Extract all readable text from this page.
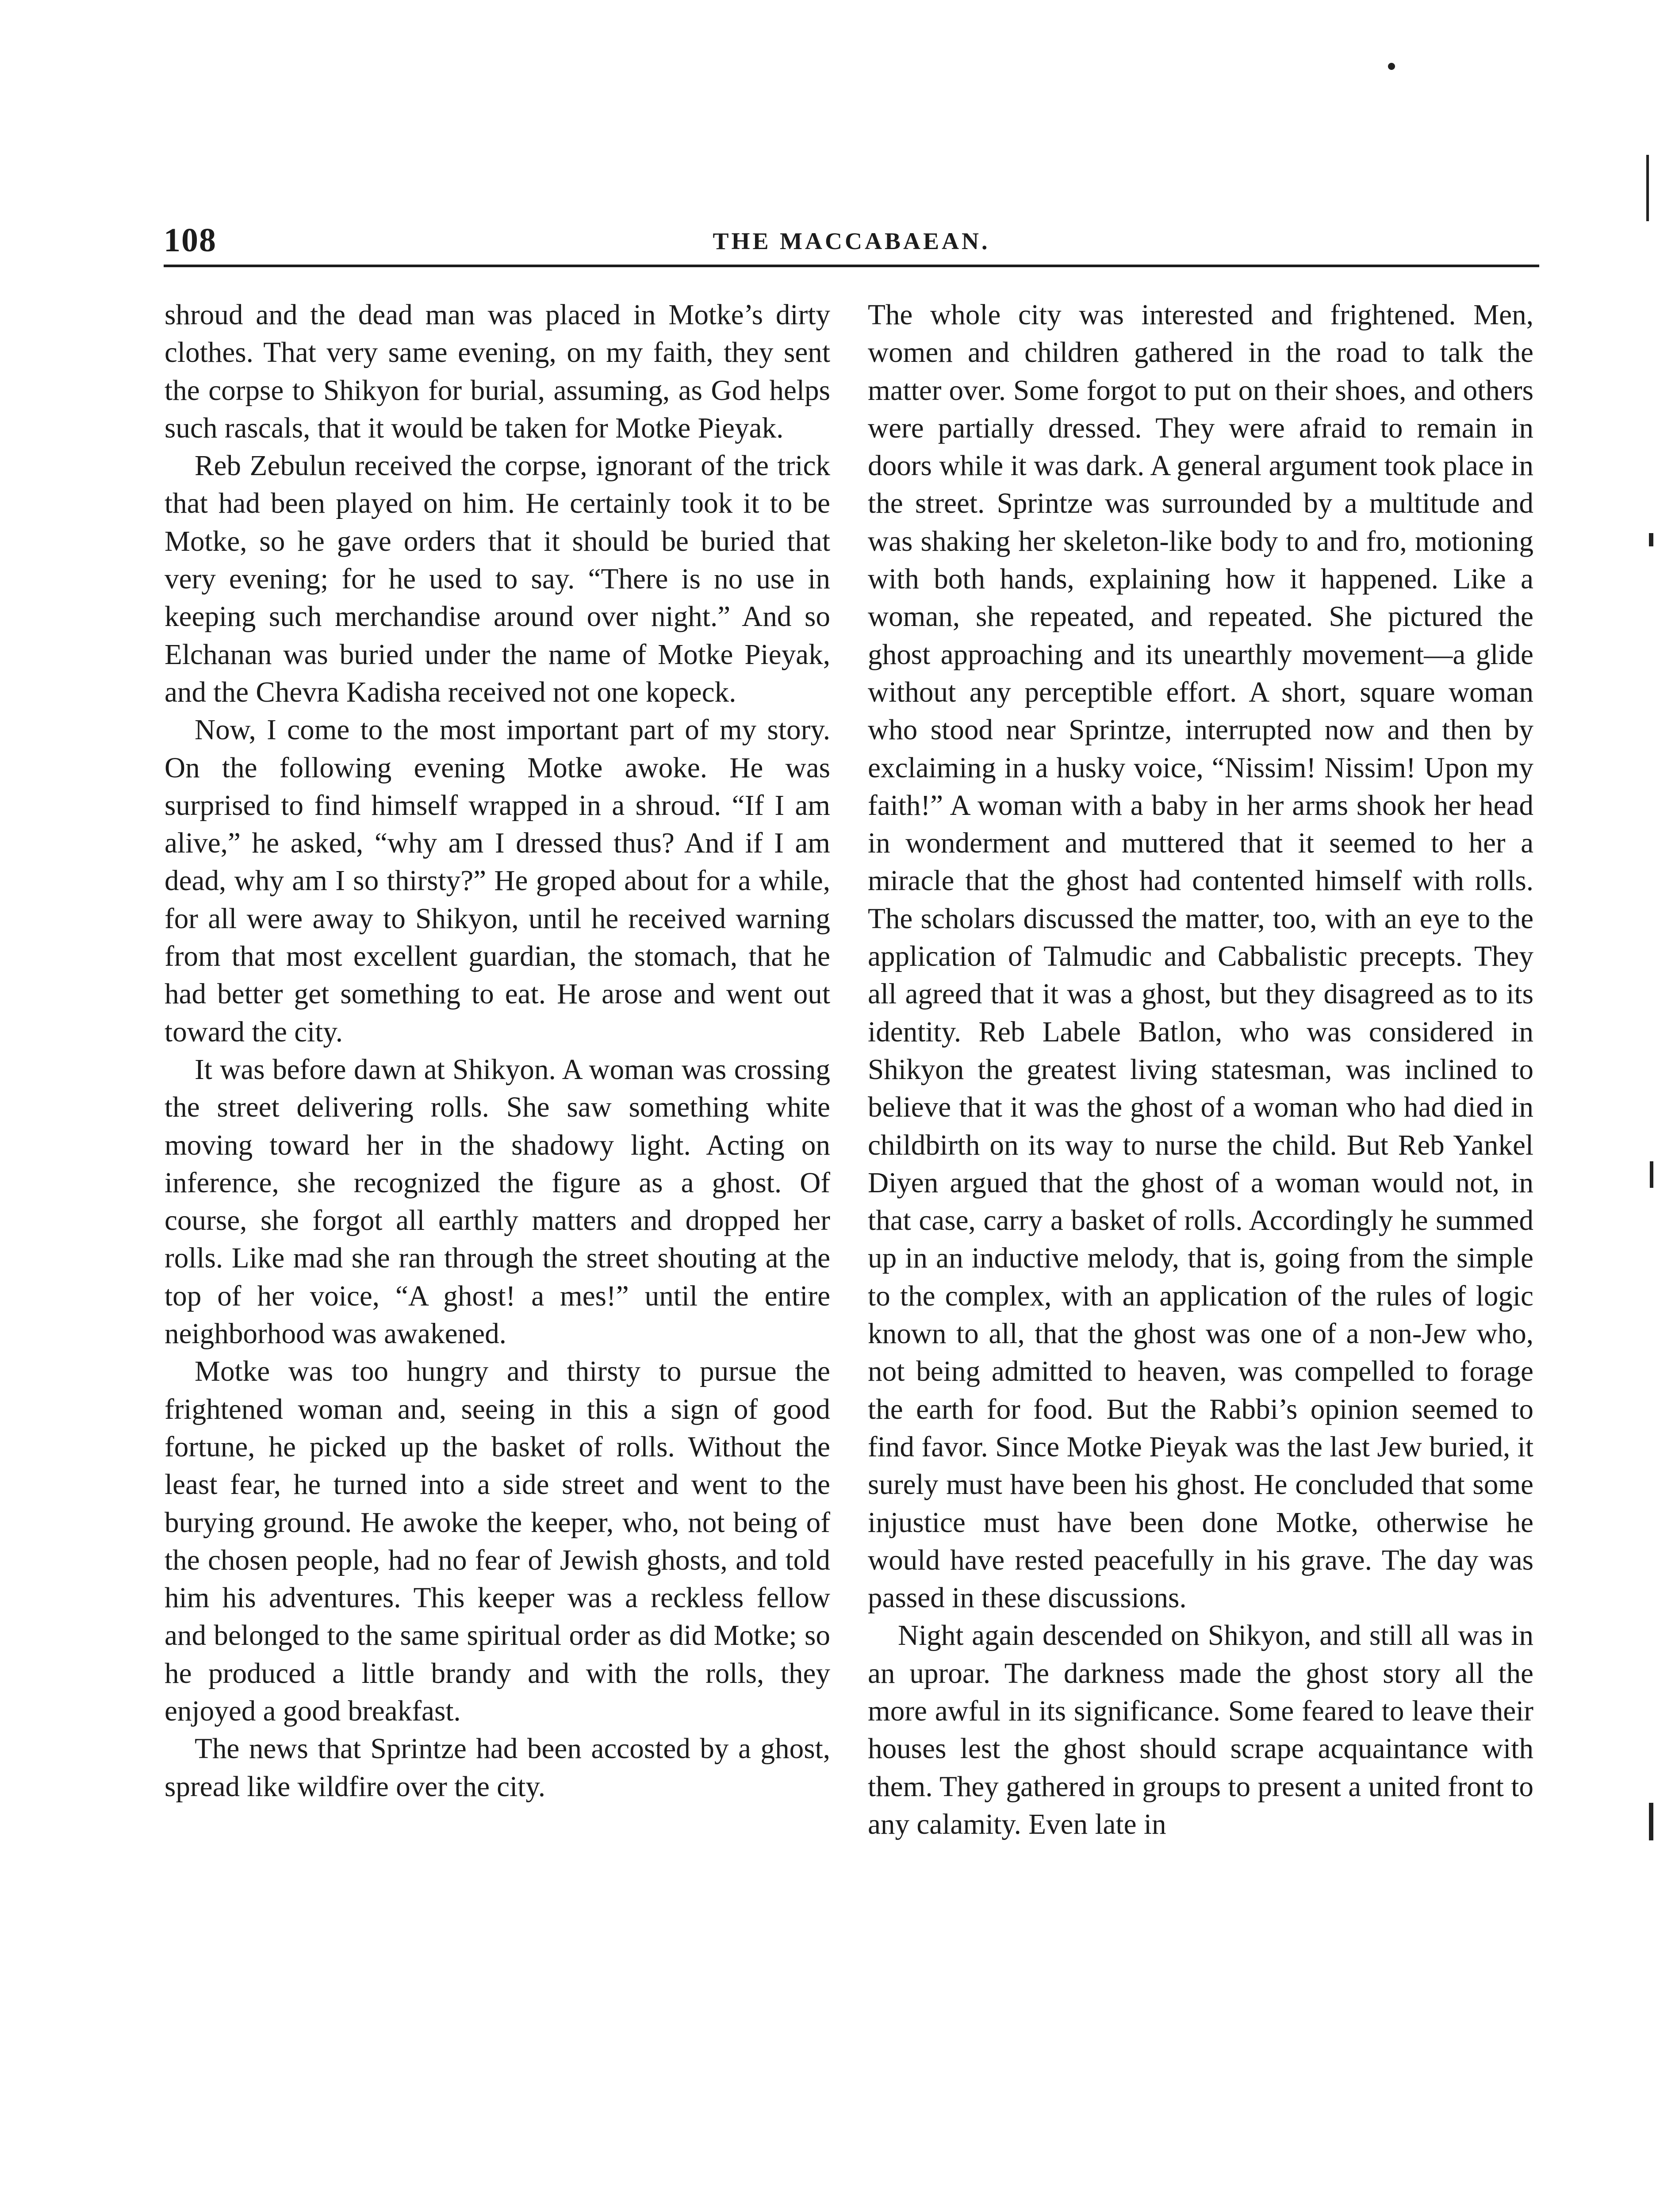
108	THE MACCABAEAN.

shroud and the dead man was placed in Motke’s dirty clothes. That very same evening, on my faith, they sent the corpse to Shikyon for burial, assuming, as God helps such rascals, that it would be taken for Motke Pieyak.

Reb Zebulun received the corpse, ignorant of the trick that had been played on him. He certainly took it to be Motke, so he gave orders that it should be buried that very evening; for he used to say. “There is no use in keeping such merchandise around over night.” And so Elchanan was buried under the name of Motke Pieyak, and the Chevra Kadisha received not one kopeck.

Now, I come to the most important part of my story. On the following evening Motke awoke. He was surprised to find himself wrapped in a shroud. “If I am alive,” he asked, “why am I dressed thus? And if I am dead, why am I so thirsty?” He groped about for a while, for all were away to Shikyon, until he received warning from that most excellent guardian, the stomach, that he had better get something to eat. He arose and went out toward the city.

It was before dawn at Shikyon. A woman was crossing the street delivering rolls. She saw something white moving toward her in the shadowy light. Acting on inference, she recognized the figure as a ghost. Of course, she forgot all earthly matters and dropped her rolls. Like mad she ran through the street shouting at the top of her voice, “A ghost! a mes!” until the entire neighborhood was awakened.

Motke was too hungry and thirsty to pursue the frightened woman and, seeing in this a sign of good fortune, he picked up the basket of rolls. Without the least fear, he turned into a side street and went to the burying ground. He awoke the keeper, who, not being of the chosen people, had no fear of Jewish ghosts, and told him his adventures. This keeper was a reckless fellow and belonged to the same spiritual order as did Motke; so he produced a little brandy and with the rolls, they enjoyed a good breakfast.

The news that Sprintze had been accosted by a ghost, spread like wildfire over the city.

The whole city was interested and frightened. Men, women and children gathered in the road to talk the matter over. Some forgot to put on their shoes, and others were partially dressed. They were afraid to remain in doors while it was dark. A general argument took place in the street. Sprintze was surrounded by a multitude and was shaking her skeleton-like body to and fro, motioning with both hands, explaining how it happened. Like a woman, she repeated, and repeated. She pictured the ghost approaching and its unearthly movement—a glide without any perceptible effort. A short, square woman who stood near Sprintze, interrupted now and then by exclaiming in a husky voice, “Nissim! Nissim! Upon my faith!” A woman with a baby in her arms shook her head in wonderment and muttered that it seemed to her a miracle that the ghost had contented himself with rolls. The scholars discussed the matter, too, with an eye to the application of Talmudic and Cabbalistic precepts. They all agreed that it was a ghost, but they disagreed as to its identity. Reb Labele Batlon, who was considered in Shikyon the greatest living statesman, was inclined to believe that it was the ghost of a woman who had died in childbirth on its way to nurse the child. But Reb Yankel Diyen argued that the ghost of a woman would not, in that case, carry a basket of rolls. Accordingly he summed up in an inductive melody, that is, going from the simple to the complex, with an application of the rules of logic known to all, that the ghost was one of a non-Jew who, not being admitted to heaven, was compelled to forage the earth for food. But the Rabbi’s opinion seemed to find favor. Since Motke Pieyak was the last Jew buried, it surely must have been his ghost. He concluded that some injustice must have been done Motke, otherwise he would have rested peacefully in his grave. The day was passed in these discussions.

Night again descended on Shikyon, and still all was in an uproar. The darkness made the ghost story all the more awful in its significance. Some feared to leave their houses lest the ghost should scrape acquaintance with them. They gathered in groups to present a united front to any calamity. Even late in
